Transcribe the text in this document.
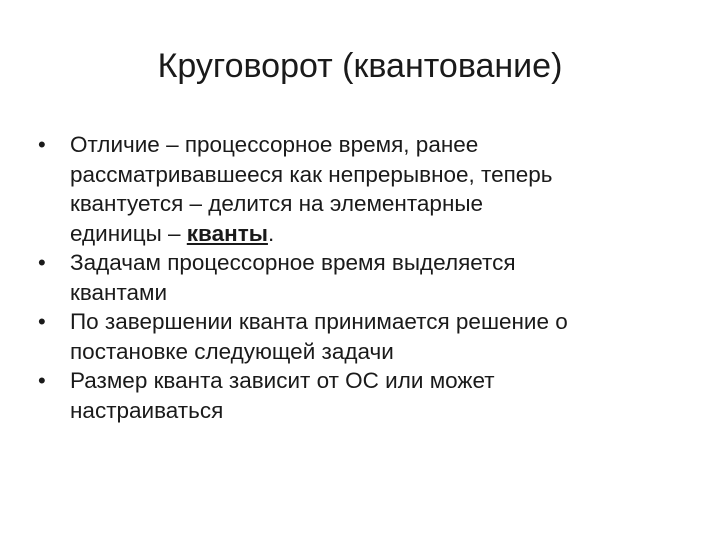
Круговорот (квантование)
• Отличие – процессорное время, ранее
рассматривавшееся как непрерывное, теперь
квантуется – делится на элементарные
единицы – кванты.
• Задачам процессорное время выделяется
квантами
• По завершении кванта принимается решение о
постановке следующей задачи
• Размер кванта зависит от ОС или может
настраиваться
